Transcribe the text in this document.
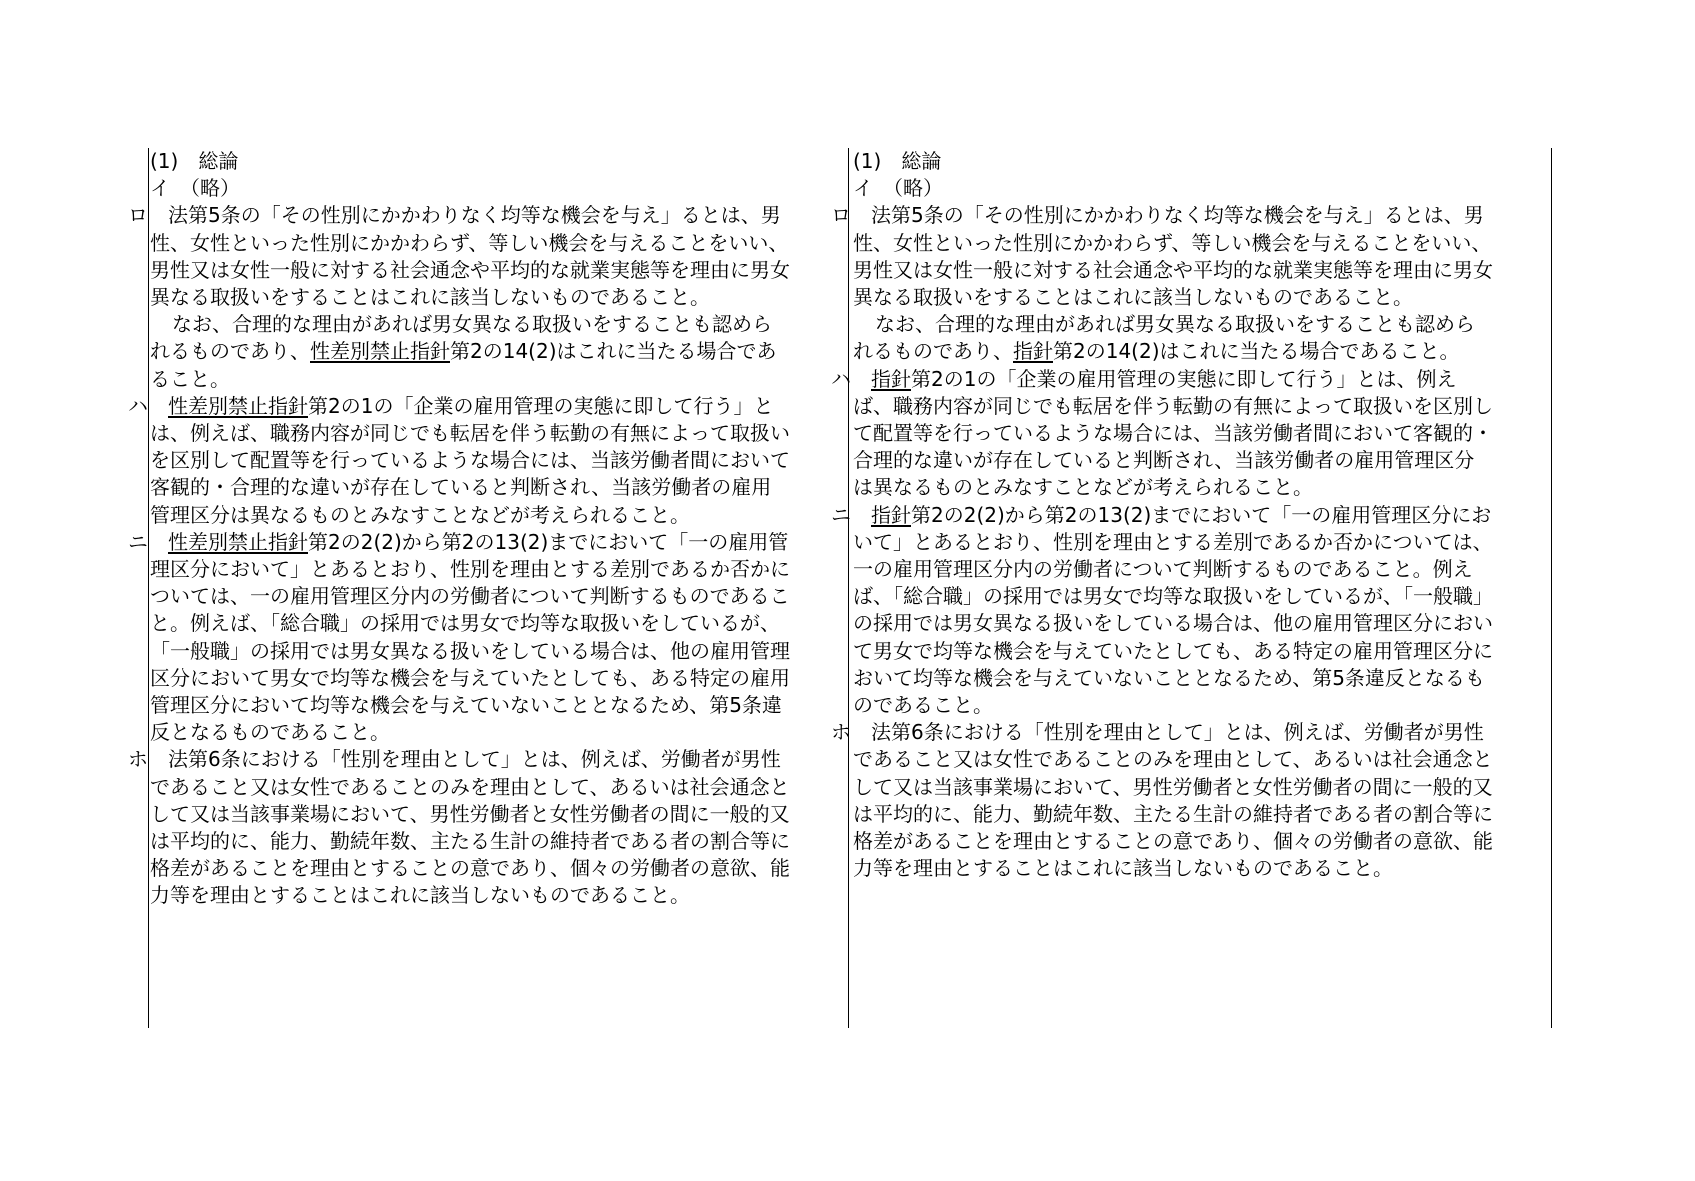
(1)　総論

イ　（略）

ロ 法第5条の「その性別にかかわりなく均等な機会を与え」るとは、男性、女性といった性別にかかわらず、等しい機会を与えることをいい、男性又は女性一般に対する社会通念や平均的な就業実態等を理由に男女異なる取扱いをすることはこれに該当しないものであること。

なお、合理的な理由があれば男女異なる取扱いをすることも認められるものであり、性差別禁止指針第2の14(2)はこれに当たる場合であること。

ハ 性差別禁止指針第2の1の「企業の雇用管理の実態に即して行う」とは、例えば、職務内容が同じでも転居を伴う転勤の有無によって取扱いを区別して配置等を行っているような場合には、当該労働者間において客観的・合理的な違いが存在していると判断され、当該労働者の雇用管理区分は異なるものとみなすことなどが考えられること。

ニ 性差別禁止指針第2の2(2)から第2の13(2)までにおいて「一の雇用管理区分において」とあるとおり、性別を理由とする差別であるか否かについては、一の雇用管理区分内の労働者について判断するものであること。例えば、「総合職」の採用では男女で均等な取扱いをしているが、「一般職」の採用では男女異なる扱いをしている場合は、他の雇用管理区分において男女で均等な機会を与えていたとしても、ある特定の雇用管理区分において均等な機会を与えていないこととなるため、第5条違反となるものであること。

ホ 法第6条における「性別を理由として」とは、例えば、労働者が男性であること又は女性であることのみを理由として、あるいは社会通念として又は当該事業場において、男性労働者と女性労働者の間に一般的又は平均的に、能力、勤続年数、主たる生計の維持者である者の割合等に格差があることを理由とすることの意であり、個々の労働者の意欲、能力等を理由とすることはこれに該当しないものであること。

(1)　総論

イ　（略）

ロ 法第5条の「その性別にかかわりなく均等な機会を与え」るとは、男性、女性といった性別にかかわらず、等しい機会を与えることをいい、男性又は女性一般に対する社会通念や平均的な就業実態等を理由に男女異なる取扱いをすることはこれに該当しないものであること。

なお、合理的な理由があれば男女異なる取扱いをすることも認められるものであり、指針第2の14(2)はこれに当たる場合であること。

ハ 指針第2の1の「企業の雇用管理の実態に即して行う」とは、例えば、職務内容が同じでも転居を伴う転勤の有無によって取扱いを区別して配置等を行っているような場合には、当該労働者間において客観的・合理的な違いが存在していると判断され、当該労働者の雇用管理区分は異なるものとみなすことなどが考えられること。

ニ 指針第2の2(2)から第2の13(2)までにおいて「一の雇用管理区分において」とあるとおり、性別を理由とする差別であるか否かについては、一の雇用管理区分内の労働者について判断するものであること。例えば、「総合職」の採用では男女で均等な取扱いをしているが、「一般職」の採用では男女異なる扱いをしている場合は、他の雇用管理区分において男女で均等な機会を与えていたとしても、ある特定の雇用管理区分において均等な機会を与えていないこととなるため、第5条違反となるものであること。

ホ 法第6条における「性別を理由として」とは、例えば、労働者が男性であること又は女性であることのみを理由として、あるいは社会通念として又は当該事業場において、男性労働者と女性労働者の間に一般的又は平均的に、能力、勤続年数、主たる生計の維持者である者の割合等に格差があることを理由とすることの意であり、個々の労働者の意欲、能力等を理由とすることはこれに該当しないものであること。
